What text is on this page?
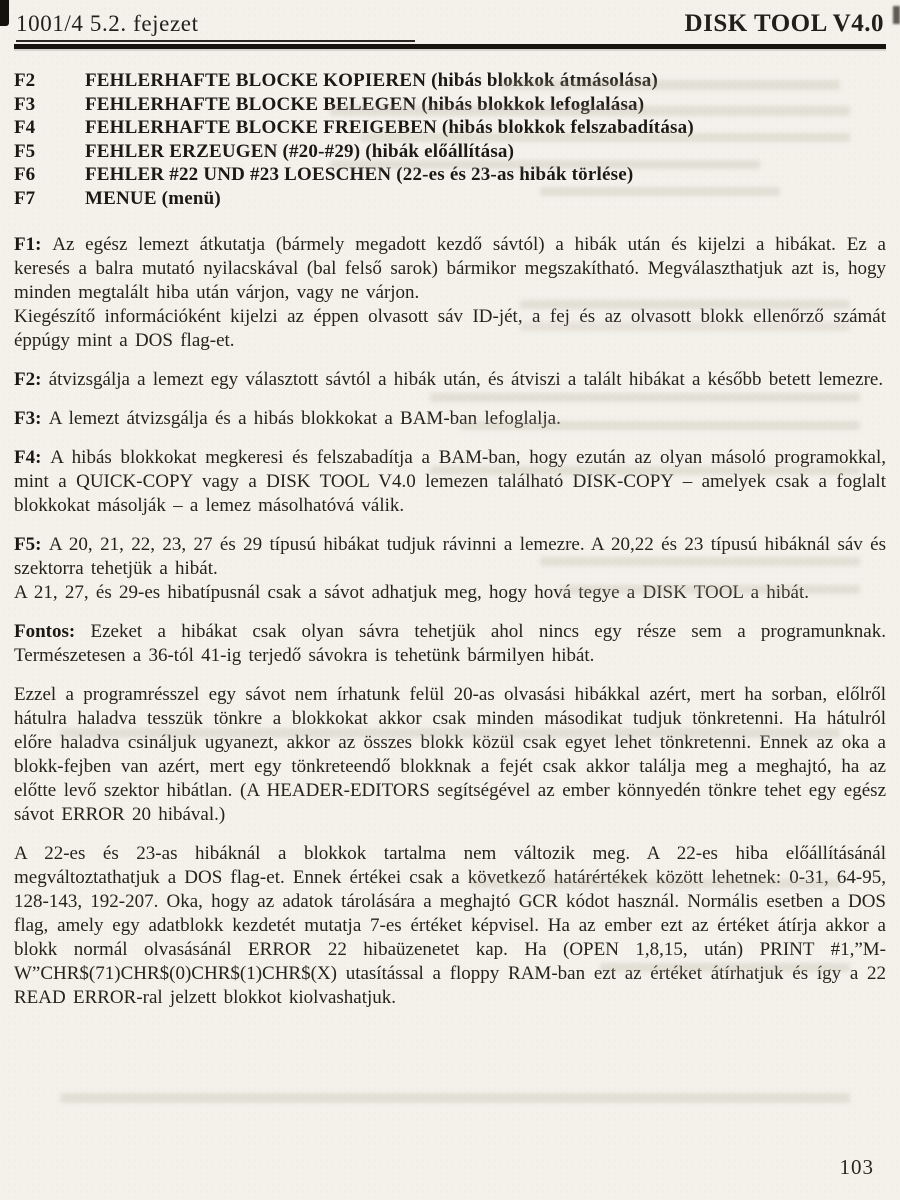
1001/4 5.2. fejezet	DISK TOOL V4.0
F2	FEHLERHAFTE BLOCKE KOPIEREN (hibás blokkok átmásolása)
F3	FEHLERHAFTE BLOCKE BELEGEN (hibás blokkok lefoglalása)
F4	FEHLERHAFTE BLOCKE FREIGEBEN (hibás blokkok felszabadítása)
F5	FEHLER ERZEUGEN (#20-#29) (hibák előállítása)
F6	FEHLER #22 UND #23 LOESCHEN (22-es és 23-as hibák törlése)
F7	MENUE (menü)

F1: Az egész lemezt átkutatja (bármely megadott kezdő sávtól) a hibák után és kijelzi a hibákat. Ez a keresés a balra mutató nyilacskával (bal felső sarok) bármikor megszakítható. Megválaszthatjuk azt is, hogy minden megtalált hiba után várjon, vagy ne várjon.

Kiegészítő információként kijelzi az éppen olvasott sáv ID-jét, a fej és az olvasott blokk ellenőrző számát éppúgy mint a DOS flag-et.

F2: átvizsgálja a lemezt egy választott sávtól a hibák után, és átviszi a talált hibákat a később betett lemezre.

F3: A lemezt átvizsgálja és a hibás blokkokat a BAM-ban lefoglalja.

F4: A hibás blokkokat megkeresi és felszabadítja a BAM-ban, hogy ezután az olyan másoló programokkal, mint a QUICK-COPY vagy a DISK TOOL V4.0 lemezen található DISK-COPY – amelyek csak a foglalt blokkokat másolják – a lemez másolhatóvá válik.

F5: A 20, 21, 22, 23, 27 és 29 típusú hibákat tudjuk rávinni a lemezre. A 20,22 és 23 típusú hibáknál sáv és szektorra tehetjük a hibát.

A 21, 27, és 29-es hibatípusnál csak a sávot adhatjuk meg, hogy hová tegye a DISK TOOL a hibát.

Fontos: Ezeket a hibákat csak olyan sávra tehetjük ahol nincs egy része sem a programunknak. Természetesen a 36-tól 41-ig terjedő sávokra is tehetünk bármilyen hibát.

Ezzel a programrésszel egy sávot nem írhatunk felül 20-as olvasási hibákkal azért, mert ha sorban, előlről hátulra haladva tesszük tönkre a blokkokat akkor csak minden másodikat tudjuk tönkretenni. Ha hátulról előre haladva csináljuk ugyanezt, akkor az összes blokk közül csak egyet lehet tönkretenni. Ennek az oka a blokk-fejben van azért, mert egy tönkreteendő blokknak a fejét csak akkor találja meg a meghajtó, ha az előtte levő szektor hibátlan. (A HEADER-EDITORS segítségével az ember könnyedén tönkre tehet egy egész sávot ERROR 20 hibával.)

A 22-es és 23-as hibáknál a blokkok tartalma nem változik meg. A 22-es hiba előállításánál megváltoztathatjuk a DOS flag-et. Ennek értékei csak a következő határértékek között lehetnek: 0-31, 64-95, 128-143, 192-207. Oka, hogy az adatok tárolására a meghajtó GCR kódot használ. Normális esetben a DOS flag, amely egy adatblokk kezdetét mutatja 7-es értéket képvisel. Ha az ember ezt az értéket átírja akkor a blokk normál olvasásánál ERROR 22 hibaüzenetet kap. Ha (OPEN 1,8,15, után) PRINT #1,”M-W”CHR$(71)CHR$(0)CHR$(1)CHR$(X) utasítással a floppy RAM-ban ezt az értéket átírhatjuk és így a 22 READ ERROR-ral jelzett blokkot kiolvashatjuk.

103
